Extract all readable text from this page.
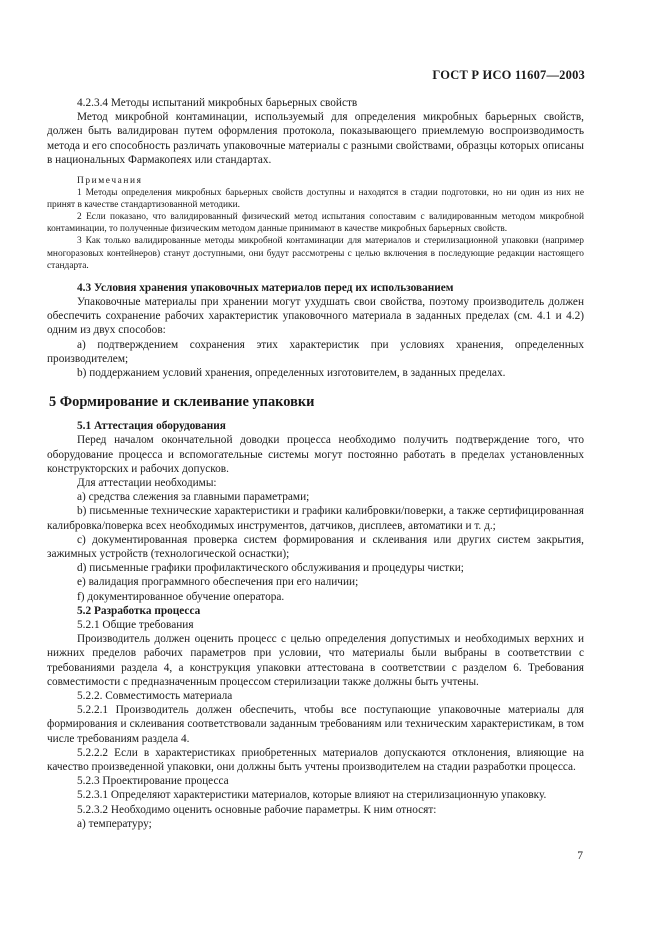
ГОСТ Р ИСО 11607—2003

4.2.3.4 Методы испытаний микробных барьерных свойств

Метод микробной контаминации, используемый для определения микробных барьерных свойств, должен быть валидирован путем оформления протокола, показывающего приемлемую воспроизводимость метода и его способность различать упаковочные материалы с разными свойствами, образцы которых описаны в национальных Фармакопеях или стандартах.

Примечания

1 Методы определения микробных барьерных свойств доступны и находятся в стадии подготовки, но ни один из них не принят в качестве стандартизованной методики.

2 Если показано, что валидированный физический метод испытания сопоставим с валидированным методом микробной контаминации, то полученные физическим методом данные принимают в качестве микробных барьерных свойств.

3 Как только валидированные методы микробной контаминации для материалов и стерилизационной упаковки (например многоразовых контейнеров) станут доступными, они будут рассмотрены с целью включения в последующие редакции настоящего стандарта.

4.3 Условия хранения упаковочных материалов перед их использованием

Упаковочные материалы при хранении могут ухудшать свои свойства, поэтому производитель должен обеспечить сохранение рабочих характеристик упаковочного материала в заданных пределах (см. 4.1 и 4.2) одним из двух способов:

а) подтверждением сохранения этих характеристик при условиях хранения, определенных производителем;

b) поддержанием условий хранения, определенных изготовителем, в заданных пределах.

5 Формирование и склеивание упаковки

5.1 Аттестация оборудования

Перед началом окончательной доводки процесса необходимо получить подтверждение того, что оборудование процесса и вспомогательные системы могут постоянно работать в пределах установленных конструкторских и рабочих допусков.

Для аттестации необходимы:

а) средства слежения за главными параметрами;

b) письменные технические характеристики и графики калибровки/поверки, а также сертифицированная калибровка/поверка всех необходимых инструментов, датчиков, дисплеев, автоматики и т. д.;

с) документированная проверка систем формирования и склеивания или других систем закрытия, зажимных устройств (технологической оснастки);

d) письменные графики профилактического обслуживания и процедуры чистки;

e) валидация программного обеспечения при его наличии;

f) документированное обучение оператора.

5.2 Разработка процесса

5.2.1 Общие требования

Производитель должен оценить процесс с целью определения допустимых и необходимых верхних и нижних пределов рабочих параметров при условии, что материалы были выбраны в соответствии с требованиями раздела 4, а конструкция упаковки аттестована в соответствии с разделом 6. Требования совместимости с предназначенным процессом стерилизации также должны быть учтены.

5.2.2. Совместимость материала

5.2.2.1 Производитель должен обеспечить, чтобы все поступающие упаковочные материалы для формирования и склеивания соответствовали заданным требованиям или техническим характеристикам, в том числе требованиям раздела 4.

5.2.2.2 Если в характеристиках приобретенных материалов допускаются отклонения, влияющие на качество произведенной упаковки, они должны быть учтены производителем на стадии разработки процесса.

5.2.3 Проектирование процесса

5.2.3.1 Определяют характеристики материалов, которые влияют на стерилизационную упаковку.

5.2.3.2 Необходимо оценить основные рабочие параметры. К ним относят:

а) температуру;

7
